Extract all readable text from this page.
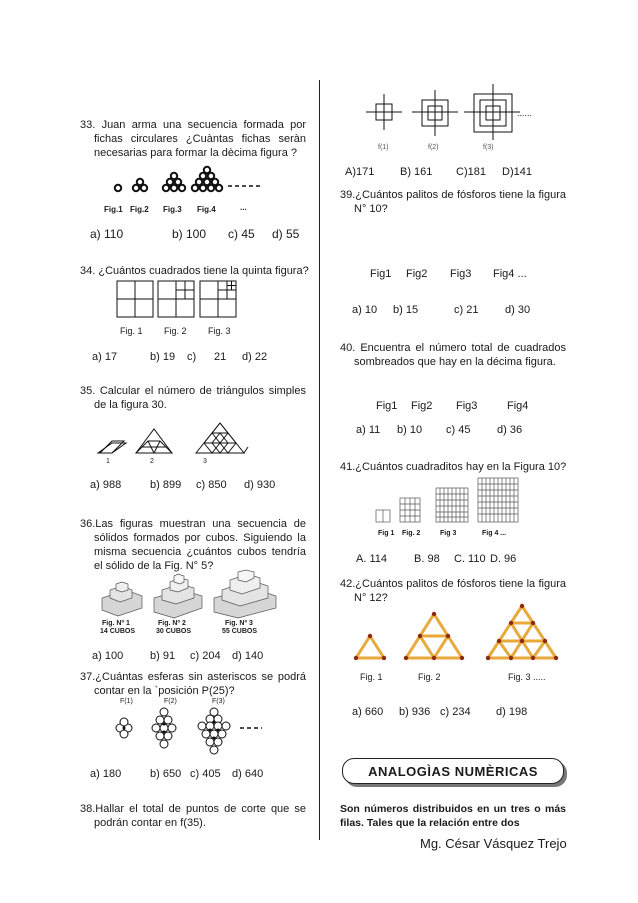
33. Juan arma una secuencia formada por fichas circulares ¿Cuàntas fichas seràn necesarias para formar la dècima figura ?
Fig.1 Fig.2 Fig.3 Fig.4	...
a) 110	b) 100 c) 45 d) 55
34. ¿Cuántos cuadrados tiene la quinta figura?
Fig. 1 Fig. 2 Fig. 3
a) 17	b) 19 c) 21 d) 22
35. Calcular el número de triángulos simples de la figura 30.
1	2	3
a) 988	b) 899 c) 850 d) 930
36.Las figuras muestran una secuencia de sólidos formados por cubos. Siguiendo la misma secuencia ¿cuántos cubos tendría el sólido de la Fig. N° 5?
Fig. Nº 1
14 CUBOS
Fig. Nº 2
30 CUBOS
Fig. Nº 3
55 CUBOS
a) 100 b) 91 c) 204 d) 140
37.¿Cuántas esferas sin asteriscos se podrá contar en la `posición P(25)?
F(1)	F(2)	F(3)
a) 180	b) 650 c) 405 d) 640
38.Hallar el total de puntos de corte que se podrán contar en f(35).
......
f(1)	f(2)	f(3)
A)171 B) 161 C)181 D)141
39.¿Cuántos palitos de fósforos tiene la figura N° 10?
Fig1 Fig2 Fig3 Fig4 ...
a) 10 b) 15	c) 21 d) 30
40. Encuentra el número total de cuadrados sombreados que hay en la décima figura.
Fig1 Fig2 Fig3	Fig4
a) 11 b) 10 c) 45 d) 36
41.¿Cuántos cuadraditos hay en la Figura 10?
Fig 1 Fig. 2	Fig 3	Fig 4 ...
A. 114 B. 98 C. 110 D. 96
42.¿Cuántos palitos de fósforos tiene la figura N° 12?
Fig. 1	Fig. 2	Fig. 3 .....
a) 660 b) 936 c) 234 d) 198
ANALOGÌAS NUMÈRICAS
Son números distribuidos en un tres o más filas. Tales que la relación entre dos
Mg. César Vásquez Trejo
